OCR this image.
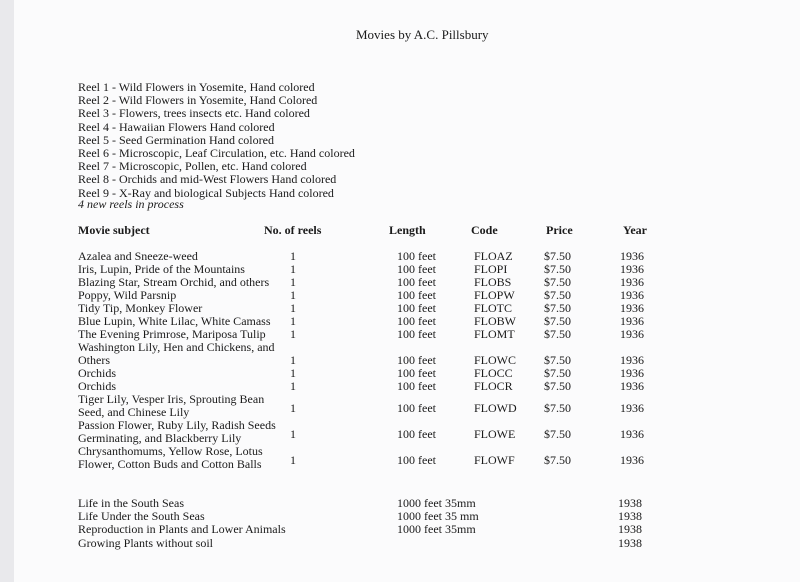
Movies by A.C. Pillsbury
Reel 1 - Wild Flowers in Yosemite, Hand colored
Reel 2 - Wild Flowers in Yosemite, Hand Colored
Reel 3 - Flowers, trees insects etc. Hand colored
Reel 4 - Hawaiian Flowers Hand colored
Reel 5 - Seed Germination Hand colored
Reel 6 - Microscopic, Leaf Circulation, etc. Hand colored
Reel 7 - Microscopic, Pollen, etc. Hand colored
Reel 8 - Orchids and mid-West Flowers Hand colored
Reel 9 - X-Ray and biological Subjects Hand colored
4 new reels in process
Movie subject	No. of reels	Length	Code	Price	Year
Azalea and Sneeze-weed	1	100 feet	FLOAZ	$7.50	1936
Iris, Lupin, Pride of the Mountains	1	100 feet	FLOPI	$7.50	1936
Blazing Star, Stream Orchid, and others 1	100 feet	FLOBS	$7.50	1936
Poppy, Wild Parsnip	1	100 feet	FLOPW $7.50	1936
Tidy Tip, Monkey Flower	1	100 feet	FLOTC	$7.50	1936
Blue Lupin, White Lilac, White Camass 1	100 feet	FLOBW $7.50	1936
The Evening Primrose, Mariposa Tulip 1	100 feet	FLOMT $7.50	1936
Washington Lily, Hen and Chickens, and
Others	1	100 feet	FLOWC $7.50	1936
Orchids	1	100 feet	FLOCC	$7.50	1936
Orchids	1	100 feet	FLOCR	$7.50	1936
Tiger Lily, Vesper Iris, Sprouting Bean
Seed, and Chinese Lily	1	100 feet	FLOWD $7.50	1936
Passion Flower, Ruby Lily, Radish Seeds
Germinating, and Blackberry Lily	1	100 feet	FLOWE $7.50	1936
Chrysanthomums, Yellow Rose, Lotus
Flower, Cotton Buds and Cotton Balls 1	100 feet	FLOWF $7.50	1936
Life in the South Seas	1000 feet 35mm	1938
Life Under the South Seas	1000 feet 35 mm	1938
Reproduction in Plants and Lower Animals	1000 feet 35mm	1938
Growing Plants without soil	1938
